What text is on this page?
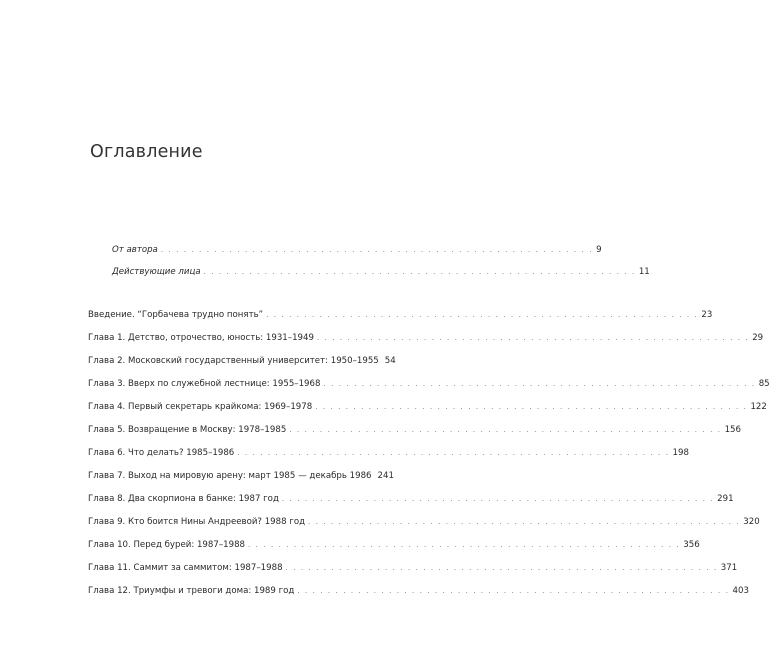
Оглавление
От автора . . . . . . . . . . . . . . . . . . . . . . . . . . . . . . . . . . . . . . . . . . . . . . . . . . . . . . . . . 9
Действующие лица . . . . . . . . . . . . . . . . . . . . . . . . . . . . . . . . . . . . . . . . . . . . . . . . . . . . . . . . . 11
Введение. “Горбачева трудно понять” . . . . . . . . . . . . . . . . . . . . . . . . . . . . . . . . . . . . . . . . . . . . . . . . . . . . . . . . . 23
Глава 1. Детство, отрочество, юность: 1931–1949 . . . . . . . . . . . . . . . . . . . . . . . . . . . . . . . . . . . . . . . . . . . . . . . . . . . . . . . . . 29
Глава 2. Московский государственный университет: 1950–1955 54
Глава 3. Вверх по служебной лестнице: 1955–1968 . . . . . . . . . . . . . . . . . . . . . . . . . . . . . . . . . . . . . . . . . . . . . . . . . . . . . . . . . 85
Глава 4. Первый секретарь крайкома: 1969–1978 . . . . . . . . . . . . . . . . . . . . . . . . . . . . . . . . . . . . . . . . . . . . . . . . . . . . . . . . . 122
Глава 5. Возвращение в Москву: 1978–1985 . . . . . . . . . . . . . . . . . . . . . . . . . . . . . . . . . . . . . . . . . . . . . . . . . . . . . . . . . 156
Глава 6. Что делать? 1985–1986 . . . . . . . . . . . . . . . . . . . . . . . . . . . . . . . . . . . . . . . . . . . . . . . . . . . . . . . . . 198
Глава 7. Выход на мировую арену: март 1985 — декабрь 1986 241
Глава 8. Два скорпиона в банке: 1987 год . . . . . . . . . . . . . . . . . . . . . . . . . . . . . . . . . . . . . . . . . . . . . . . . . . . . . . . . . 291
Глава 9. Кто боится Нины Андреевой? 1988 год . . . . . . . . . . . . . . . . . . . . . . . . . . . . . . . . . . . . . . . . . . . . . . . . . . . . . . . . . 320
Глава 10. Перед бурей: 1987–1988 . . . . . . . . . . . . . . . . . . . . . . . . . . . . . . . . . . . . . . . . . . . . . . . . . . . . . . . . . 356
Глава 11. Саммит за саммитом: 1987–1988 . . . . . . . . . . . . . . . . . . . . . . . . . . . . . . . . . . . . . . . . . . . . . . . . . . . . . . . . . 371
Глава 12. Триумфы и тревоги дома: 1989 год . . . . . . . . . . . . . . . . . . . . . . . . . . . . . . . . . . . . . . . . . . . . . . . . . . . . . . . . . 403
